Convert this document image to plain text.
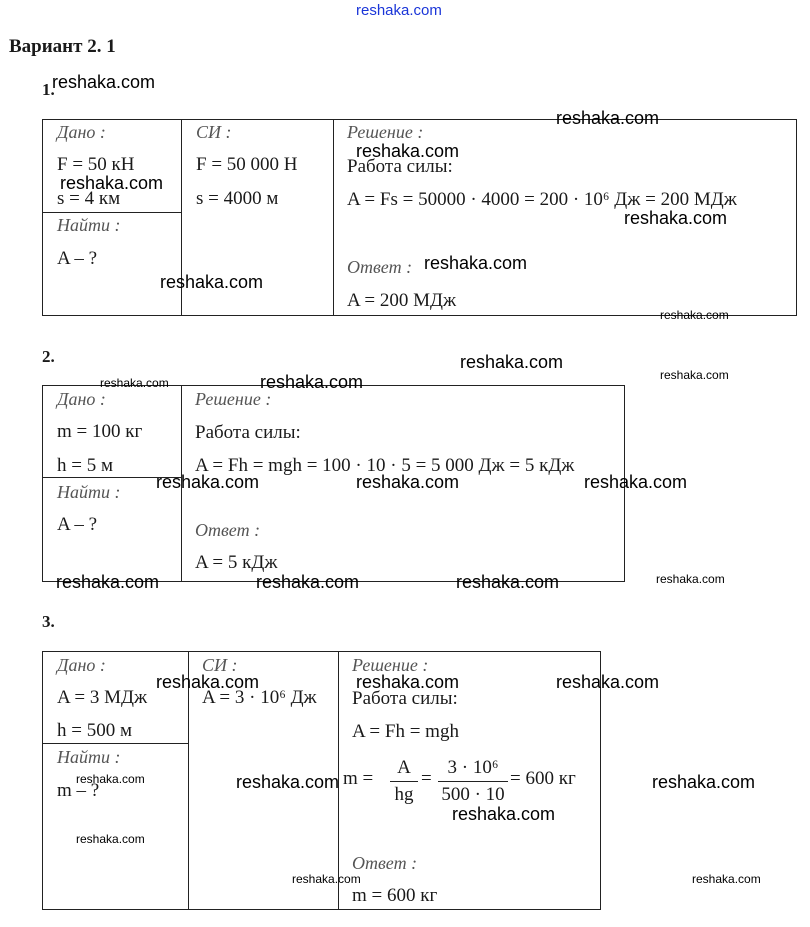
reshaka.com
Вариант 2. 1
1.
Дано :
F = 50 кН
s = 4 км
Найти :
A – ?
СИ :
F = 50 000 Н
s = 4000 м
Решение :
Работа силы:
A = Fs = 50000 · 4000 = 200 · 10⁶ Дж = 200 МДж
Ответ :
A = 200 МДж
2.
Дано :
m = 100 кг
h = 5 м
Найти :
A – ?
Решение :
Работа силы:
A = Fh = mgh = 100 · 10 · 5 = 5 000 Дж = 5 кДж
Ответ :
A = 5 кДж
3.
Дано :
A = 3 МДж
h = 500 м
Найти :
m – ?
СИ :
A = 3 · 10⁶ Дж
Решение :
Работа силы:
A = Fh = mgh
m =
A
hg
=
3 · 10⁶
500 · 10
= 600 кг
Ответ :
m = 600 кг
reshaka.com
reshaka.com
reshaka.com
reshaka.com
reshaka.com
reshaka.com
reshaka.com
reshaka.com
reshaka.com
reshaka.com
reshaka.com	reshaka.com
reshaka.com	reshaka.com	reshaka.com
reshaka.com	reshaka.com	reshaka.com	reshaka.com
reshaka.com	reshaka.com	reshaka.com
reshaka.com	reshaka.com	reshaka.com
reshaka.com
reshaka.com
reshaka.com	reshaka.com
